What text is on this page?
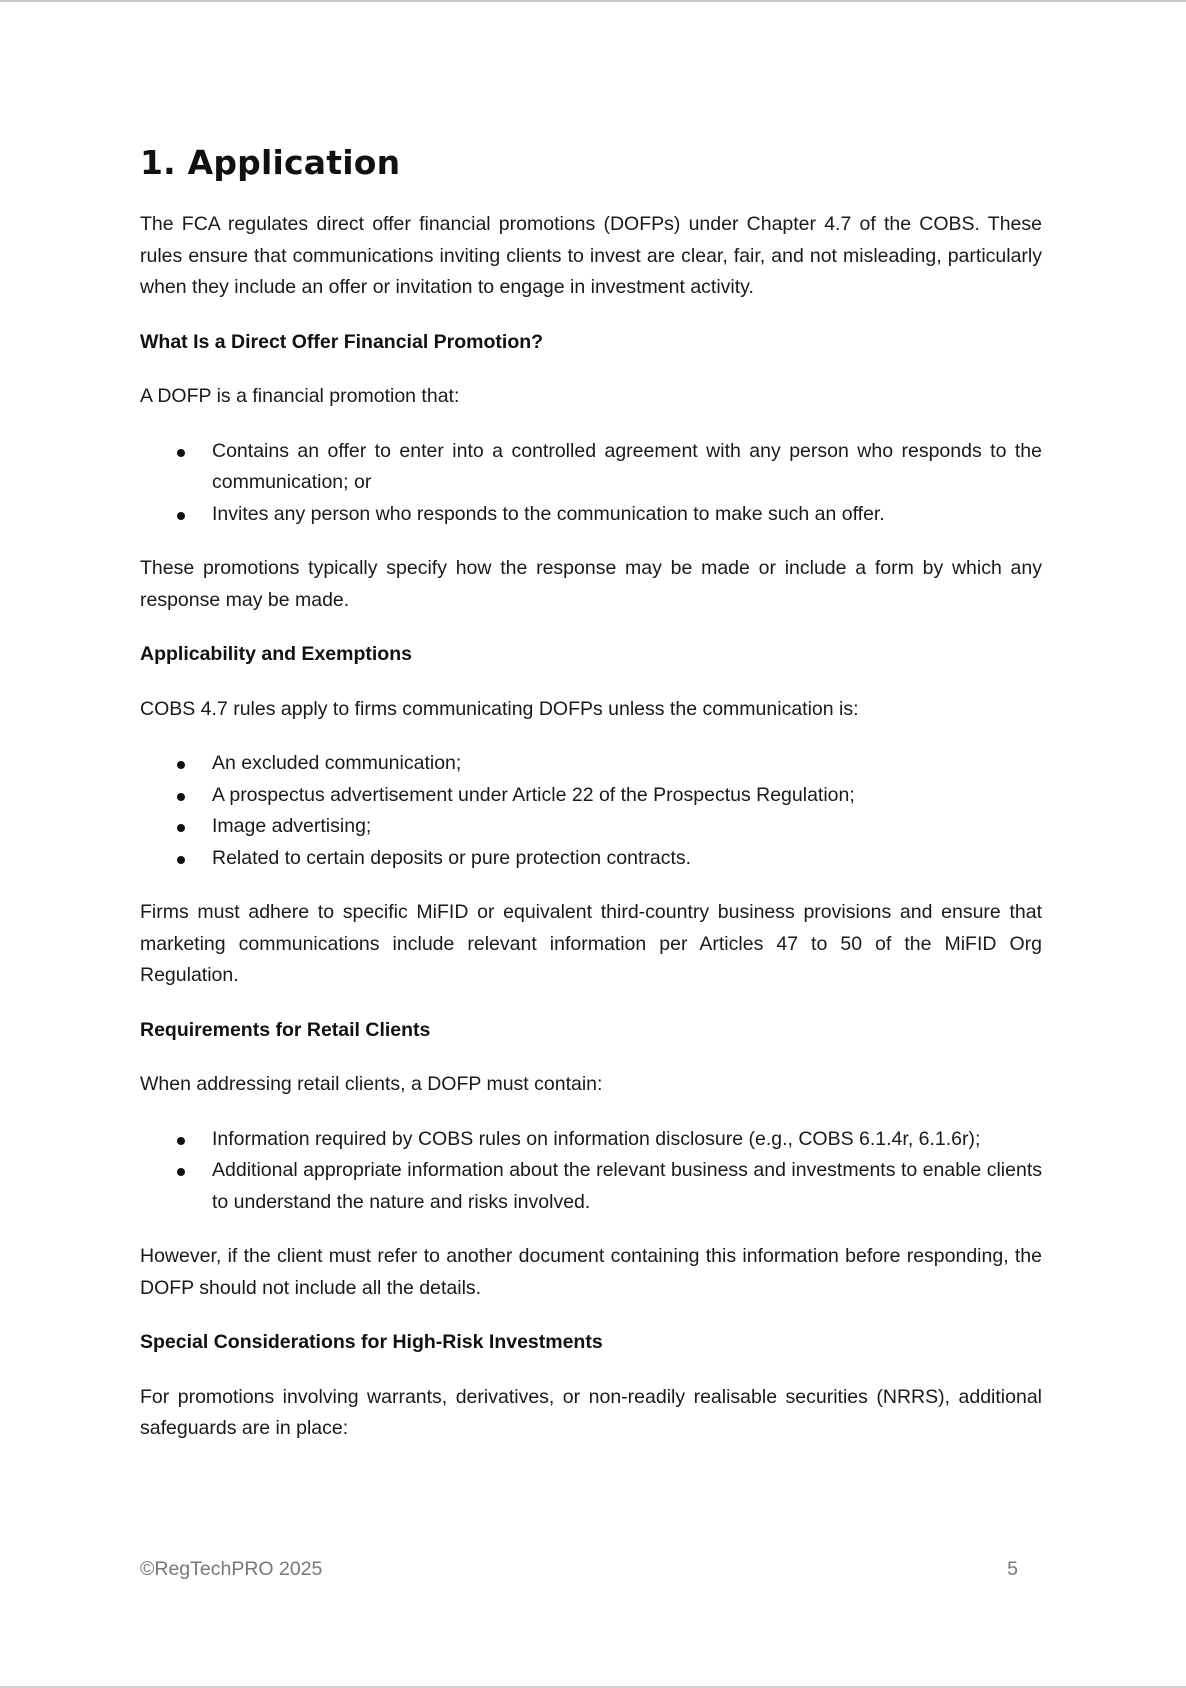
1. Application

The FCA regulates direct offer financial promotions (DOFPs) under Chapter 4.7 of the COBS. These rules ensure that communications inviting clients to invest are clear, fair, and not misleading, particularly when they include an offer or invitation to engage in investment activity.

What Is a Direct Offer Financial Promotion?

A DOFP is a financial promotion that:

Contains an offer to enter into a controlled agreement with any person who responds to the communication; or
Invites any person who responds to the communication to make such an offer.

These promotions typically specify how the response may be made or include a form by which any response may be made.

Applicability and Exemptions

COBS 4.7 rules apply to firms communicating DOFPs unless the communication is:

An excluded communication;
A prospectus advertisement under Article 22 of the Prospectus Regulation;
Image advertising;
Related to certain deposits or pure protection contracts.

Firms must adhere to specific MiFID or equivalent third-country business provisions and ensure that marketing communications include relevant information per Articles 47 to 50 of the MiFID Org Regulation.

Requirements for Retail Clients

When addressing retail clients, a DOFP must contain:

Information required by COBS rules on information disclosure (e.g., COBS 6.1.4r, 6.1.6r);
Additional appropriate information about the relevant business and investments to enable clients to understand the nature and risks involved.

However, if the client must refer to another document containing this information before responding, the DOFP should not include all the details.

Special Considerations for High-Risk Investments

For promotions involving warrants, derivatives, or non-readily realisable securities (NRRS), additional safeguards are in place:

©RegTechPRO 2025	5
